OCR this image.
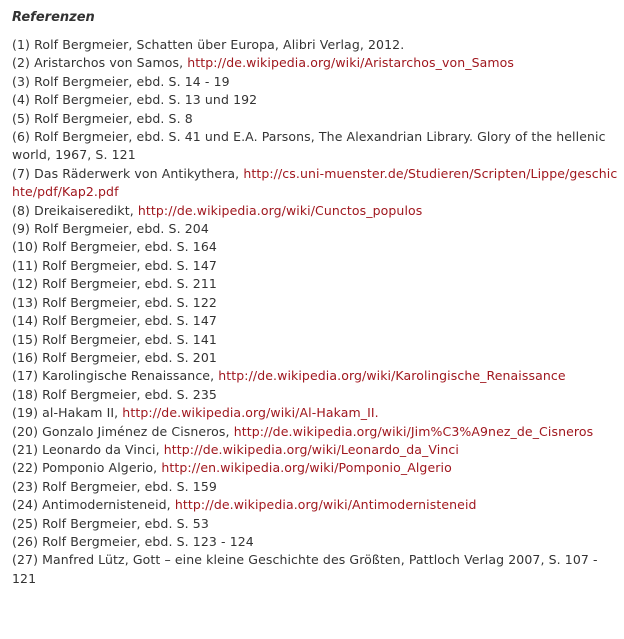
Referenzen
(1) Rolf Bergmeier, Schatten über Europa, Alibri Verlag, 2012.
(2) Aristarchos von Samos, http://de.wikipedia.org/wiki/Aristarchos_von_Samos
(3) Rolf Bergmeier, ebd. S. 14 - 19
(4) Rolf Bergmeier, ebd. S. 13 und 192
(5) Rolf Bergmeier, ebd. S. 8
(6) Rolf Bergmeier, ebd. S. 41 und E.A. Parsons, The Alexandrian Library. Glory of the hellenic world, 1967, S. 121
(7) Das Räderwerk von Antikythera, http://cs.uni-muenster.de/Studieren/Scripten/Lippe/geschichte/pdf/Kap2.pdf
(8) Dreikaiseredikt, http://de.wikipedia.org/wiki/Cunctos_populos
(9) Rolf Bergmeier, ebd. S. 204
(10) Rolf Bergmeier, ebd. S. 164
(11) Rolf Bergmeier, ebd. S. 147
(12) Rolf Bergmeier, ebd. S. 211
(13) Rolf Bergmeier, ebd. S. 122
(14) Rolf Bergmeier, ebd. S. 147
(15) Rolf Bergmeier, ebd. S. 141
(16) Rolf Bergmeier, ebd. S. 201
(17) Karolingische Renaissance, http://de.wikipedia.org/wiki/Karolingische_Renaissance
(18) Rolf Bergmeier, ebd. S. 235
(19) al-Hakam II, http://de.wikipedia.org/wiki/Al-Hakam_II.
(20) Gonzalo Jiménez de Cisneros, http://de.wikipedia.org/wiki/Jim%C3%A9nez_de_Cisneros
(21) Leonardo da Vinci, http://de.wikipedia.org/wiki/Leonardo_da_Vinci
(22) Pomponio Algerio, http://en.wikipedia.org/wiki/Pomponio_Algerio
(23) Rolf Bergmeier, ebd. S. 159
(24) Antimodernisteneid, http://de.wikipedia.org/wiki/Antimodernisteneid
(25) Rolf Bergmeier, ebd. S. 53
(26) Rolf Bergmeier, ebd. S. 123 - 124
(27) Manfred Lütz, Gott – eine kleine Geschichte des Größten, Pattloch Verlag 2007, S. 107 - 121
